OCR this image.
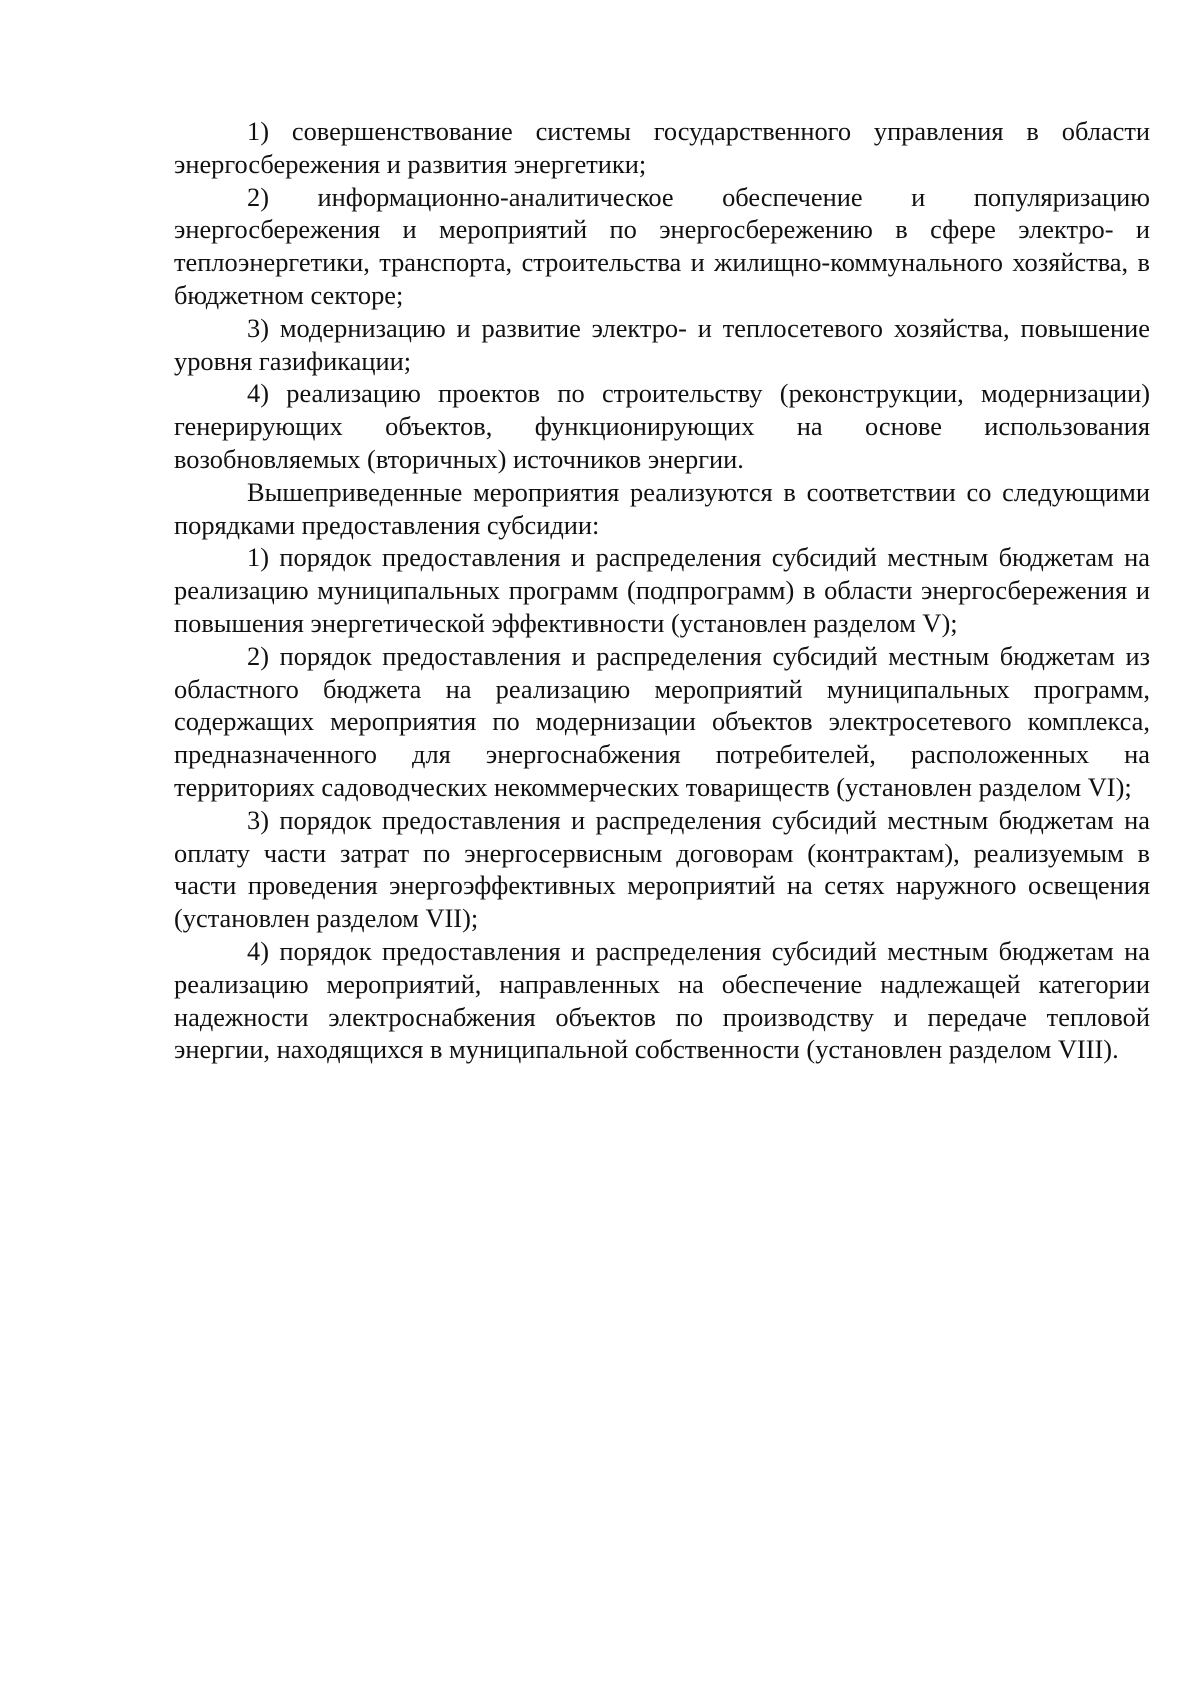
1) совершенствование системы государственного управления в области энергосбережения и развития энергетики;

2) информационно-аналитическое обеспечение и популяризацию энергосбережения и мероприятий по энергосбережению в сфере электро- и теплоэнергетики, транспорта, строительства и жилищно-коммунального хозяйства, в бюджетном секторе;

3) модернизацию и развитие электро- и теплосетевого хозяйства, повышение уровня газификации;

4) реализацию проектов по строительству (реконструкции, модернизации) генерирующих объектов, функционирующих на основе использования возобновляемых (вторичных) источников энергии.

Вышеприведенные мероприятия реализуются в соответствии со следующими порядками предоставления субсидии:

1) порядок предоставления и распределения субсидий местным бюджетам на реализацию муниципальных программ (подпрограмм) в области энергосбережения и повышения энергетической эффективности (установлен разделом V);

2) порядок предоставления и распределения субсидий местным бюджетам из областного бюджета на реализацию мероприятий муниципальных программ, содержащих мероприятия по модернизации объектов электросетевого комплекса, предназначенного для энергоснабжения потребителей, расположенных на территориях садоводческих некоммерческих товариществ (установлен разделом VI);

3) порядок предоставления и распределения субсидий местным бюджетам на оплату части затрат по энергосервисным договорам (контрактам), реализуемым в части проведения энергоэффективных мероприятий на сетях наружного освещения (установлен разделом VII);

4) порядок предоставления и распределения субсидий местным бюджетам на реализацию мероприятий, направленных на обеспечение надлежащей категории надежности электроснабжения объектов по производству и передаче тепловой энергии, находящихся в муниципальной собственности (установлен разделом VIII).
